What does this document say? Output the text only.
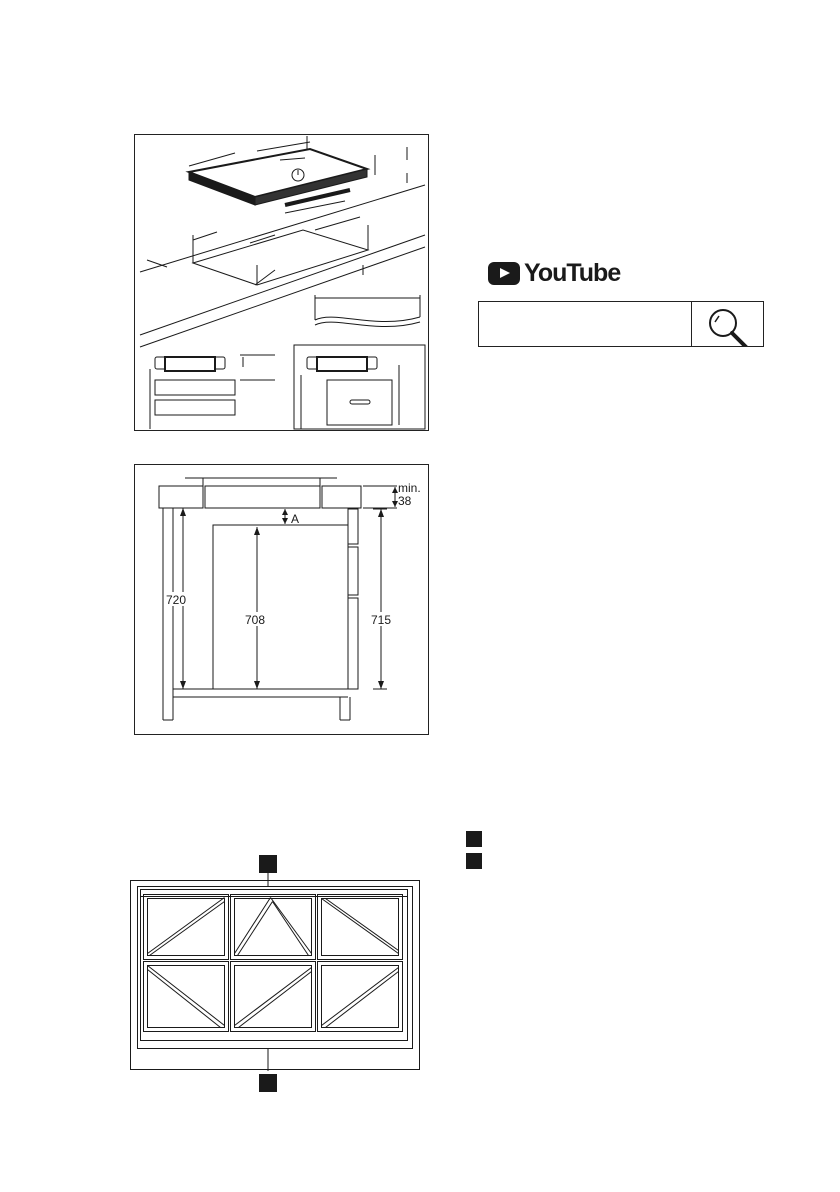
YouTube
min.
38
A
720
708	715
